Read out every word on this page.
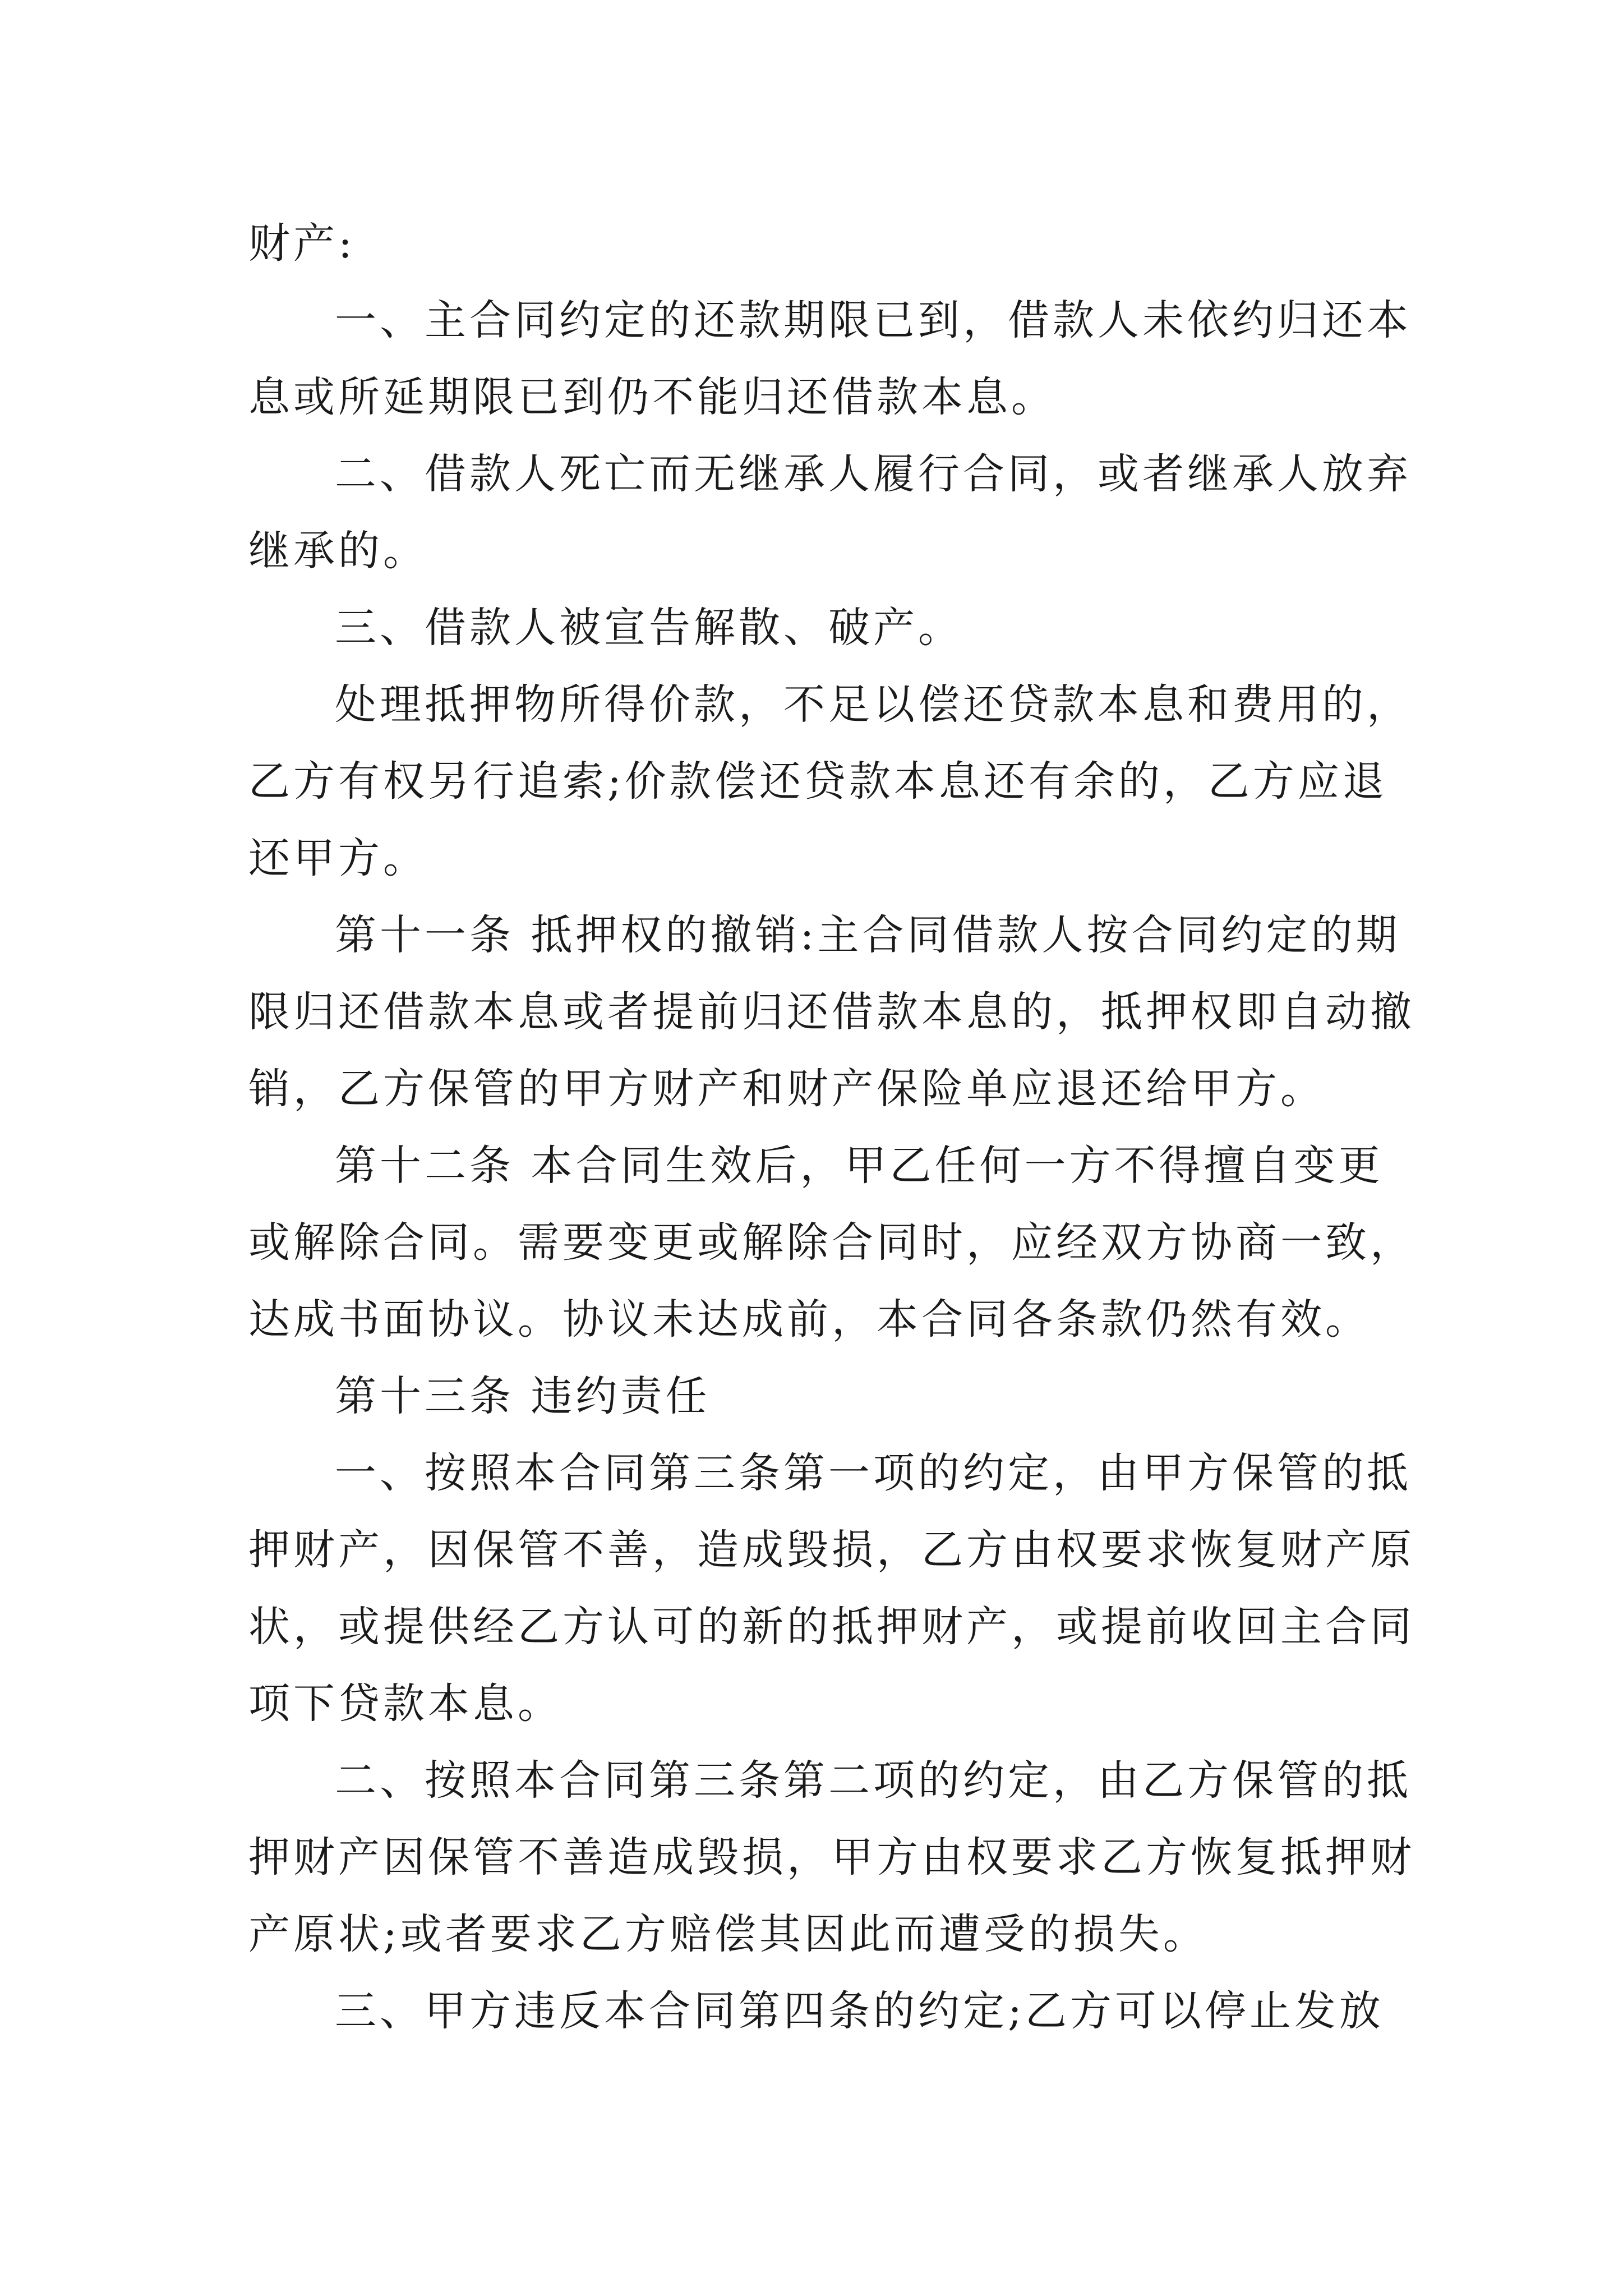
财产:
一、主合同约定的还款期限已到，借款人未依约归还本
息或所延期限已到仍不能归还借款本息。
二、借款人死亡而无继承人履行合同，或者继承人放弃
继承的。
三、借款人被宣告解散、破产。
处理抵押物所得价款，不足以偿还贷款本息和费用的，
乙方有权另行追索;价款偿还贷款本息还有余的，乙方应退
还甲方。
第十一条 抵押权的撤销:主合同借款人按合同约定的期
限归还借款本息或者提前归还借款本息的，抵押权即自动撤
销，乙方保管的甲方财产和财产保险单应退还给甲方。
第十二条 本合同生效后，甲乙任何一方不得擅自变更
或解除合同。需要变更或解除合同时，应经双方协商一致，
达成书面协议。协议未达成前，本合同各条款仍然有效。
第十三条 违约责任
一、按照本合同第三条第一项的约定，由甲方保管的抵
押财产，因保管不善，造成毁损，乙方由权要求恢复财产原
状，或提供经乙方认可的新的抵押财产，或提前收回主合同
项下贷款本息。
二、按照本合同第三条第二项的约定，由乙方保管的抵
押财产因保管不善造成毁损，甲方由权要求乙方恢复抵押财
产原状;或者要求乙方赔偿其因此而遭受的损失。
三、甲方违反本合同第四条的约定;乙方可以停止发放
